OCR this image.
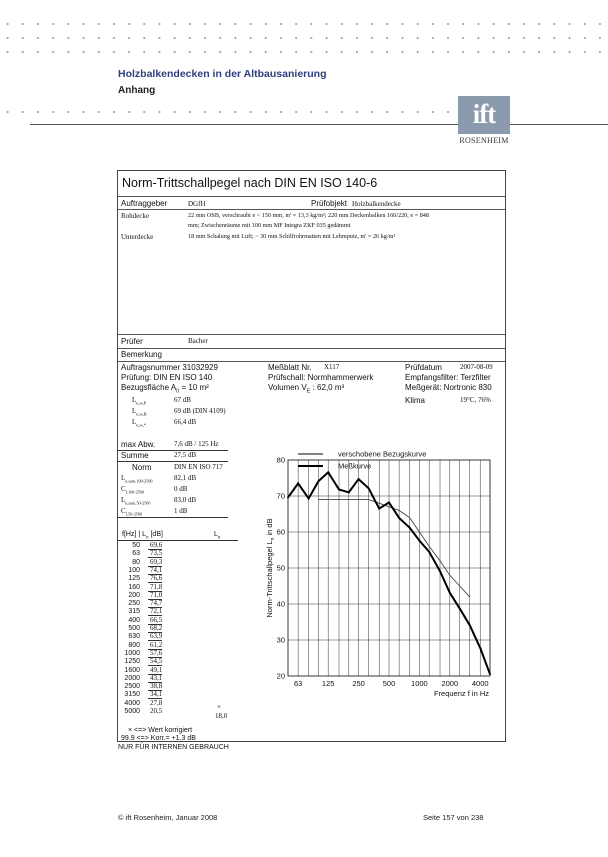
Holzbalkendecken in der Altbausanierung
Anhang
ift
ROSENHEIM
Norm-Trittschallpegel nach DIN EN ISO 140-6
Auftraggeber	DGfH	Prüfobjekt Holzbalkendecke
Rohdecke	22 mm OSB, verschraubt e < 150 mm, m' = 13,3 kg/m²; 220 mm Deckenbalken 160/220, e = 848
mm; Zwischenräume mit 100 mm MF Integra ZKF 035 gedämmt
Unterdecke	18 mm Schalung mit Luft; ~ 30 mm Schilfrohrmatten mit Lehmputz, m' = 26 kg/m²
Prüfer	Bacher
Bemerkung
Auftragsnummer 31032929
Prüfung: DIN EN ISO 140
Bezugsfläche $A_0 = 10$ m²
Meßblatt Nr. X117
Prüfschall: Normhammerwerk
Volumen $V_E$ : 62,0 m³
Prüfdatum	2007-08-09
Empfangsfilter: Terzfilter
Meßgerät: Nortronic 830
Klima	19°C, 76%
$L_{n,w,P}$	67 dB
$L_{n,w,R}$	69 dB (DIN 4109)
$L_{n,w,*}$	66,4 dB
max Abw.	7,6 dB / 125 Hz
Summe	27,5 dB
Norm	DIN EN ISO 717
$L_{n,sum,100-2500}$	82,1 dB
$C_{I,100-2500}$	0 dB
$L_{n,sum,50-2500}$	83,0 dB
$C_{I,50-2500}$	1 dB
f[Hz] | $L_n$ [dB]	$L_n$
50 69,6
63 73,5
80 69,3
100 74,1
125 76,6
160 71,8
200 71,0
250 74,7
315 72,1
400 66,5
500 68,2
630 63,9
800 61,2
1000 57,6
1250 54,5
1600 49,1
2000 43,1
2500 38,8
3150 34,1
4000 27,8
5000 20,5	×
18,0
× <=> Wert korrigiert
99.9 <=> Korr.= +1.3 dB
80
70
60
50
40
30
20
63	125 250 500 1000 2000 4000
Frequenz f in Hz
Norm-Trittschallpegel $L_n$ in dB
verschobene Bezugskurve
Meßkurve
NUR FÜR INTERNEN GEBRAUCH
© ift Rosenheim, Januar 2008	Seite 157 von 238
